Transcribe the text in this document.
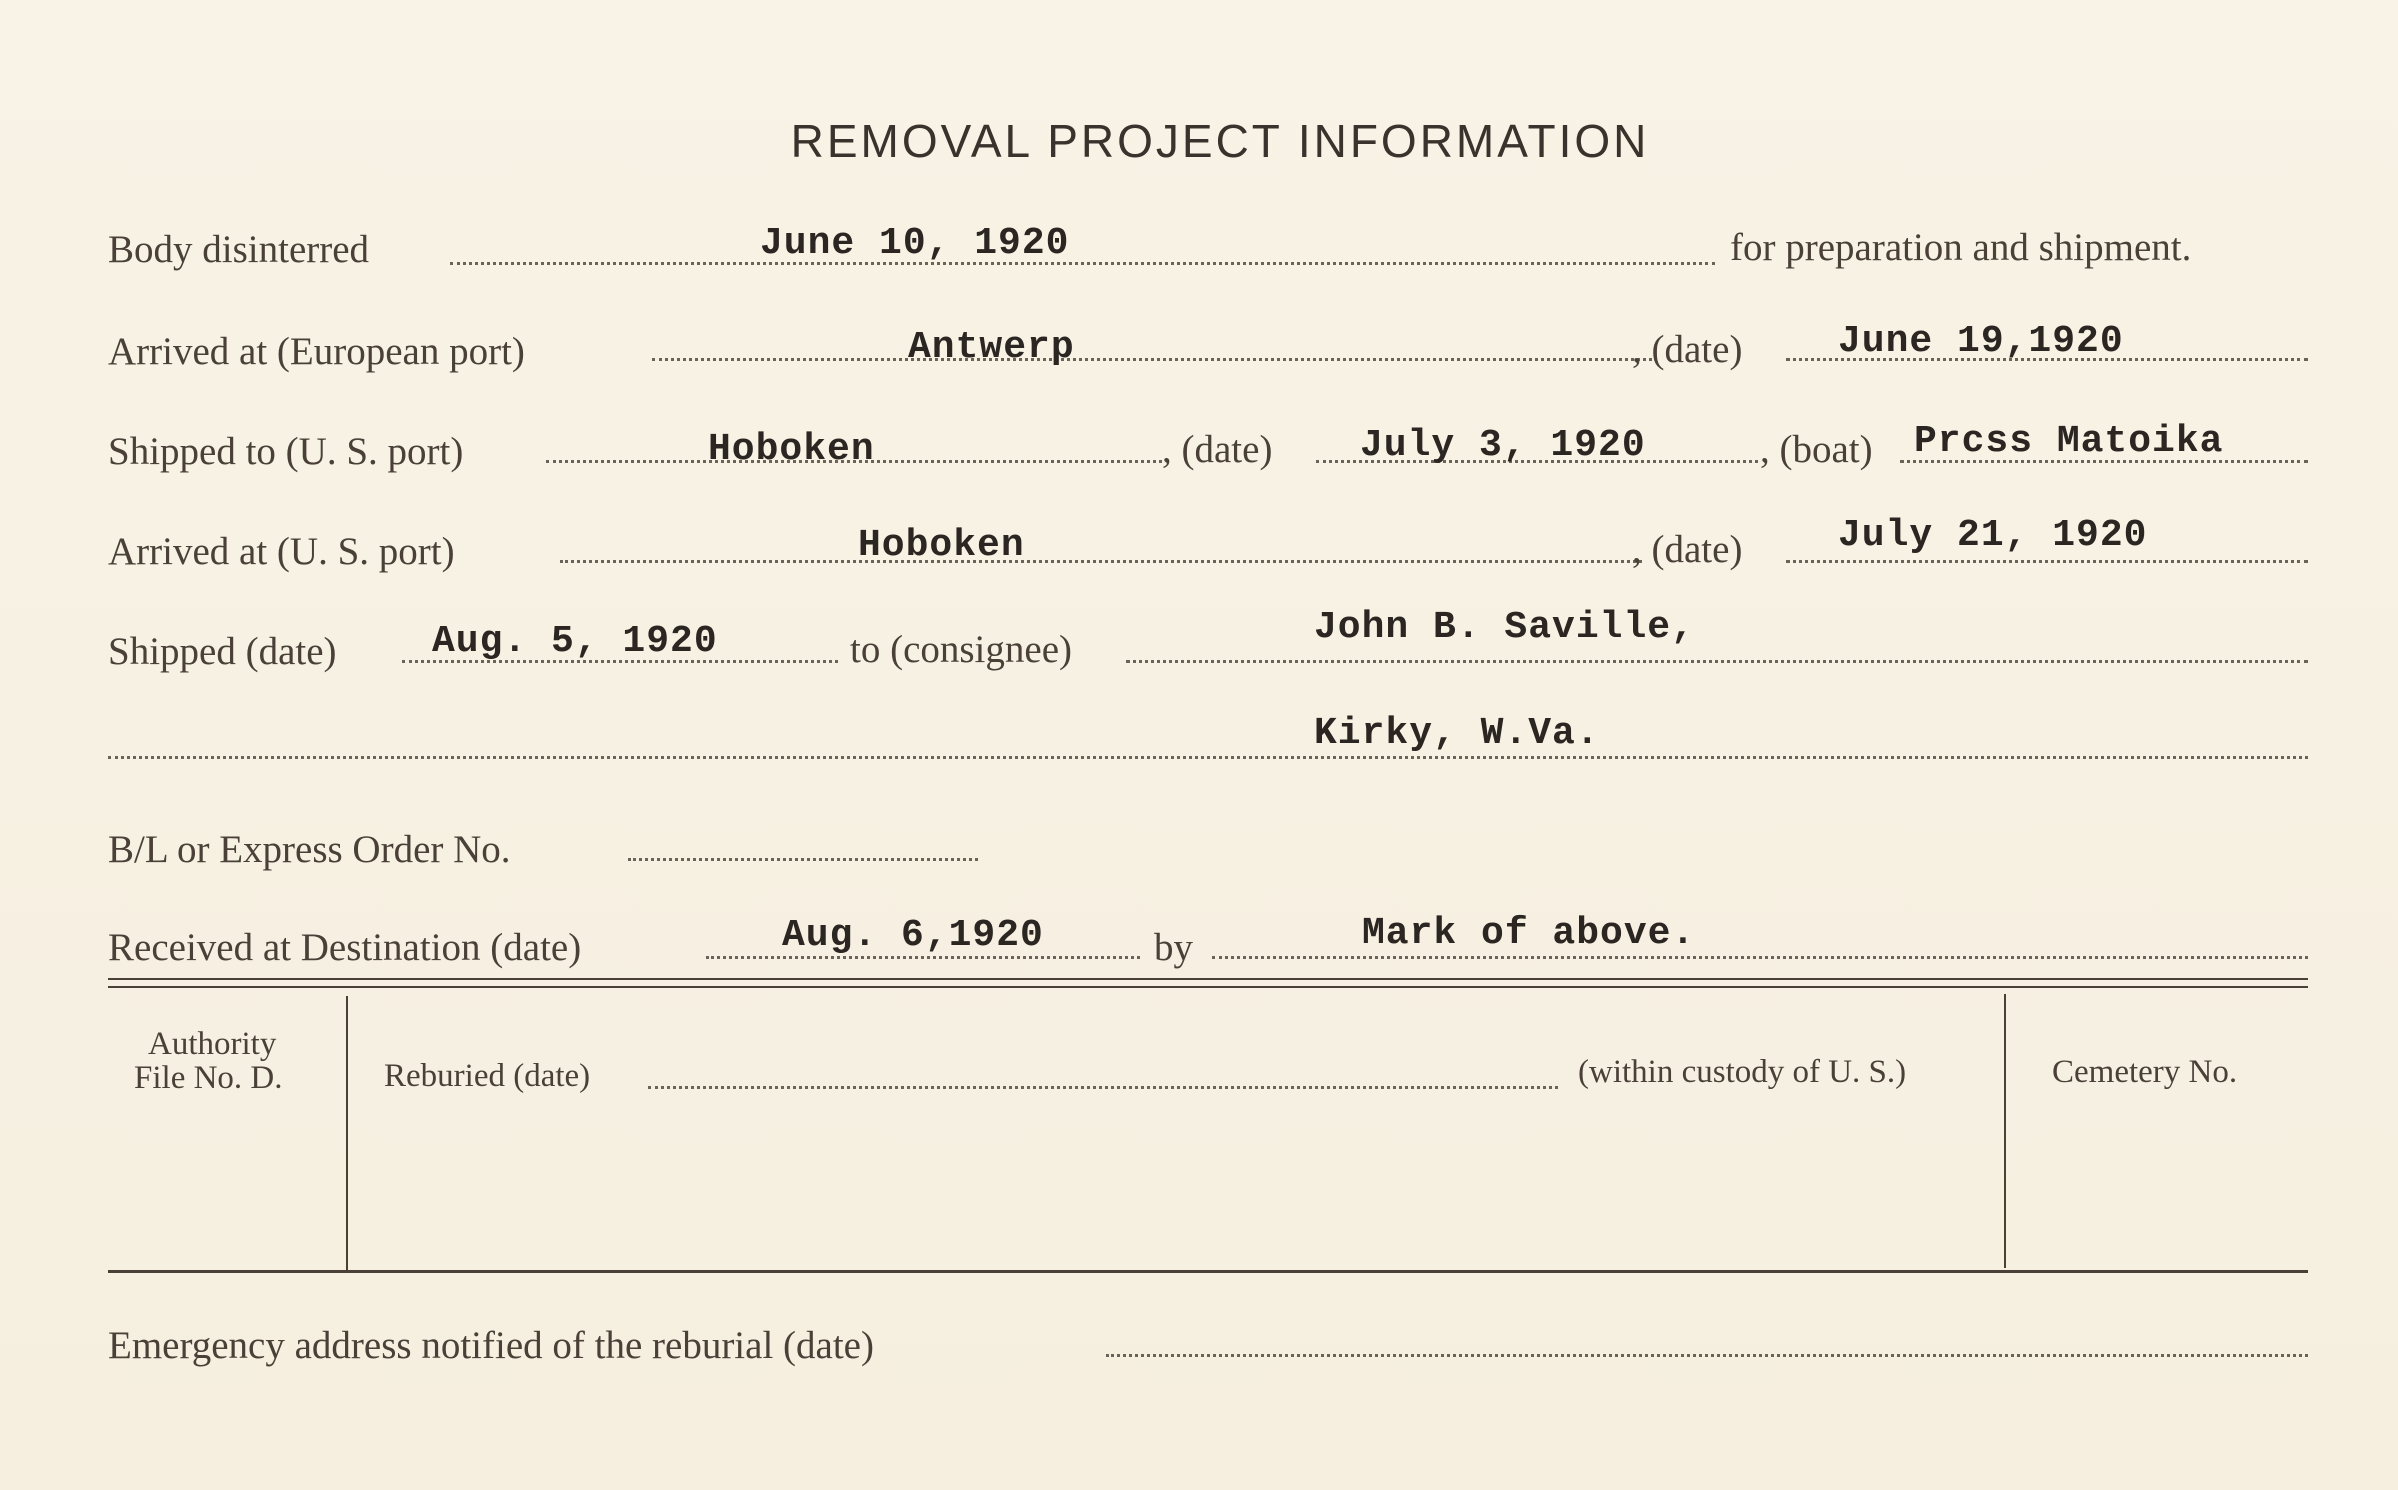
REMOVAL PROJECT INFORMATION
Body disinterred	June 10, 1920	for preparation and shipment.
Arrived at (European port)	Antwerp	, (date)	June 19,1920
Shipped to (U. S. port)	Hoboken	, (date) July 3, 1920	, (boat) Prcss Matoika
Arrived at (U. S. port)	Hoboken	, (date)	July 21, 1920
Shipped (date)	Aug. 5, 1920	to (consignee)
John B. Saville,
Kirky, W.Va.
B/L or Express Order No.
Received at Destination (date)	Aug. 6,1920	by	Mark of above.
Authority
File No. D.	Reburied (date)	(within custody of U. S.)	Cemetery No.
Emergency address notified of the reburial (date)
